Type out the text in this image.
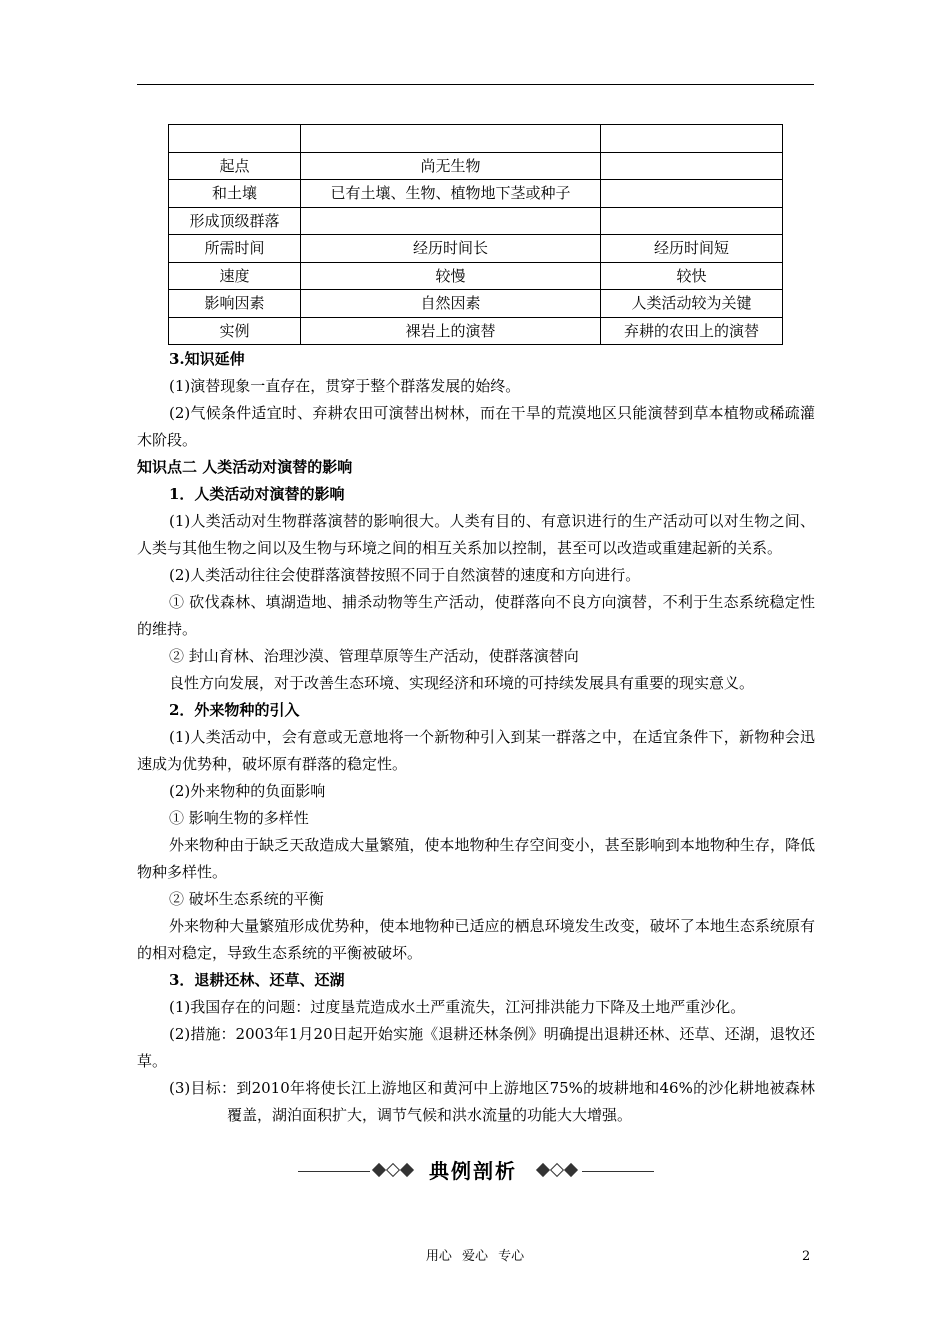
起点	尚无生物	
和土壤	已有土壤、生物、植物地下茎或种子	
形成顶级群落		
所需时间	经历时间长	经历时间短
速度	较慢	较快
影响因素	自然因素	人类活动较为关键
实例	裸岩上的演替	弃耕的农田上的演替

3.知识延伸

(1)演替现象一直存在，贯穿于整个群落发展的始终。

(2)气候条件适宜时、弃耕农田可演替出树林，而在干旱的荒漠地区只能演替到草本植物或稀疏灌木阶段。

知识点二 人类活动对演替的影响

1．人类活动对演替的影响

(1)人类活动对生物群落演替的影响很大。人类有目的、有意识进行的生产活动可以对生物之间、人类与其他生物之间以及生物与环境之间的相互关系加以控制，甚至可以改造或重建起新的关系。

(2)人类活动往往会使群落演替按照不同于自然演替的速度和方向进行。

① 砍伐森林、填湖造地、捕杀动物等生产活动，使群落向不良方向演替，不利于生态系统稳定性的维持。

② 封山育林、治理沙漠、管理草原等生产活动，使群落演替向

良性方向发展，对于改善生态环境、实现经济和环境的可持续发展具有重要的现实意义。

2．外来物种的引入

(1)人类活动中，会有意或无意地将一个新物种引入到某一群落之中，在适宜条件下，新物种会迅速成为优势种，破坏原有群落的稳定性。

(2)外来物种的负面影响

① 影响生物的多样性

外来物种由于缺乏天敌造成大量繁殖，使本地物种生存空间变小，甚至影响到本地物种生存，降低物种多样性。

② 破坏生态系统的平衡

外来物种大量繁殖形成优势种，使本地物种已适应的栖息环境发生改变，破坏了本地生态系统原有的相对稳定，导致生态系统的平衡被破坏。

3．退耕还林、还草、还湖

(1)我国存在的问题：过度垦荒造成水土严重流失，江河排洪能力下降及土地严重沙化。

(2)措施：2003年1月20日起开始实施《退耕还林条例》明确提出退耕还林、还草、还湖，退牧还草。

(3)目标：到2010年将使长江上游地区和黄河中上游地区75%的坡耕地和46%的沙化耕地被森林覆盖，湖泊面积扩大，调节气候和洪水流量的功能大大增强。

典例剖析
用心 爱心 专心	2
